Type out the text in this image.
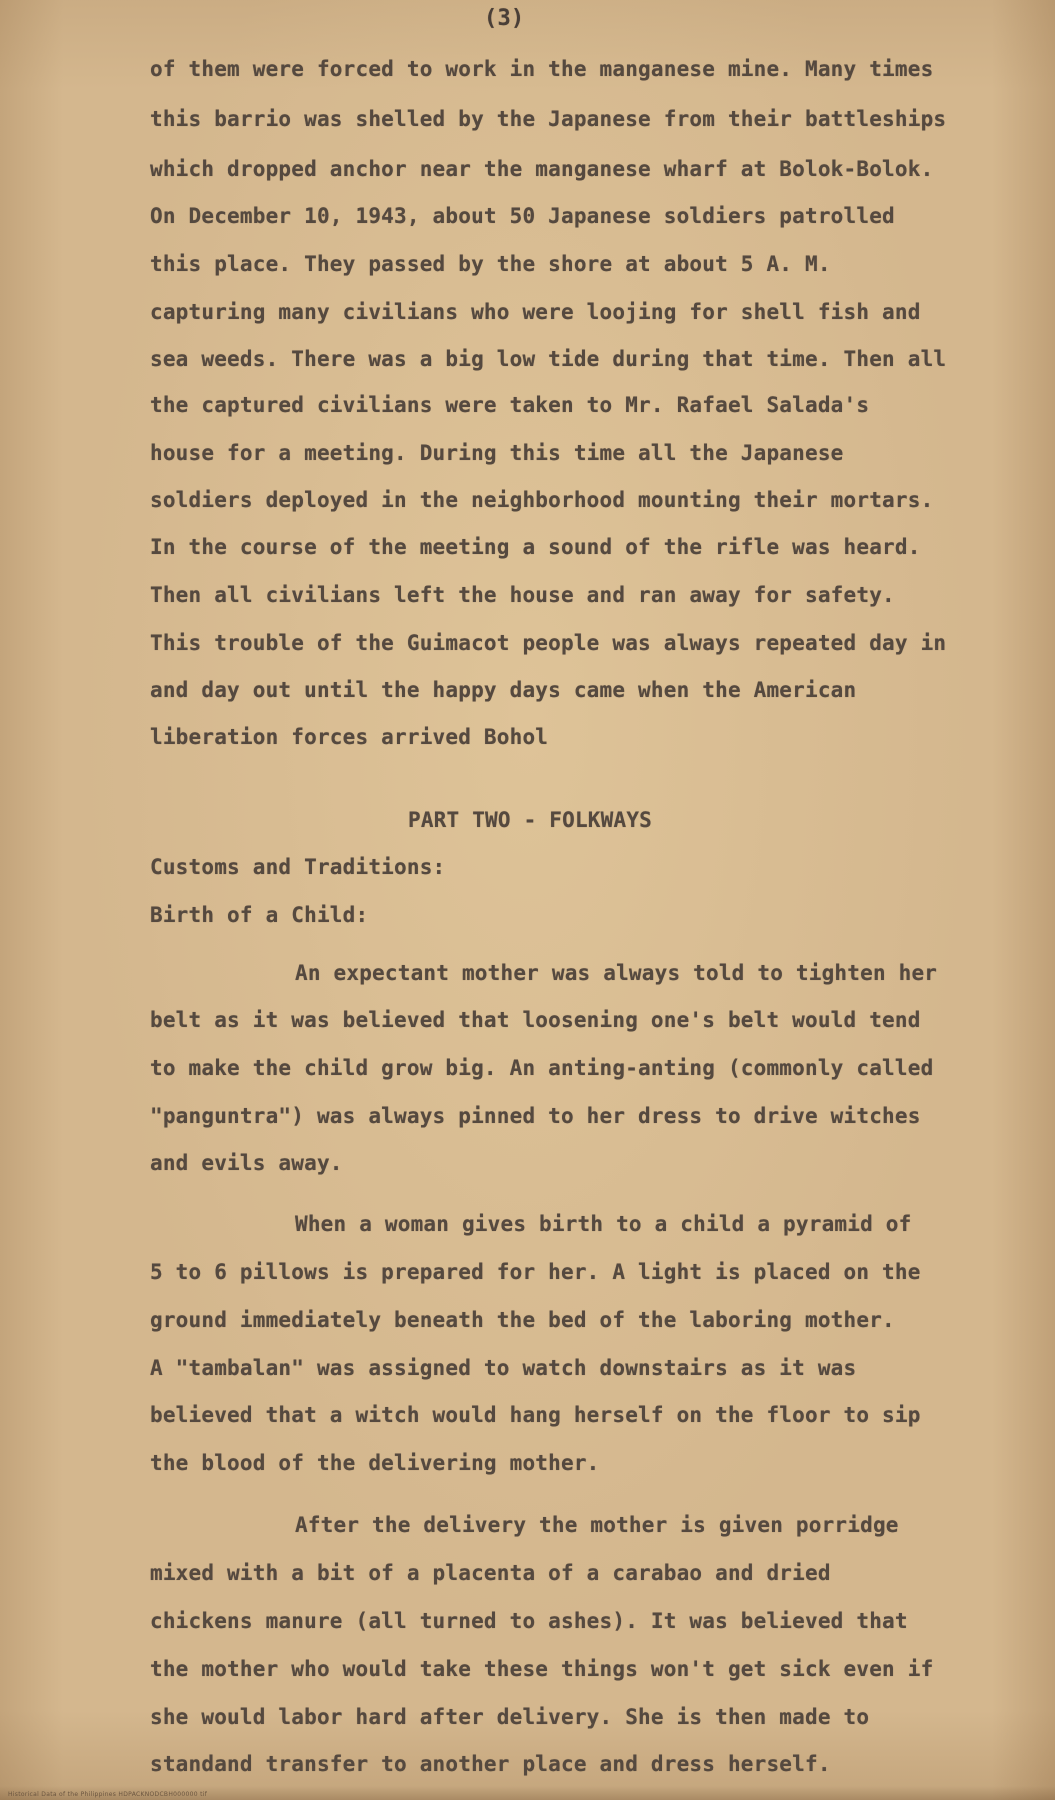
(3)
of them were forced to work in the manganese mine. Many times
this barrio was shelled by the Japanese from their battleships
which dropped anchor near the manganese wharf at Bolok-Bolok.
On December 10, 1943, about 50 Japanese soldiers patrolled
this place. They passed by the shore at about 5 A. M.
capturing many civilians who were loojing for shell fish and
sea weeds. There was a big low tide during that time. Then all
the captured civilians were taken to Mr. Rafael Salada's
house for a meeting. During this time all the Japanese
soldiers deployed in the neighborhood mounting their mortars.
In the course of the meeting a sound of the rifle was heard.
Then all civilians left the house and ran away for safety.
This trouble of the Guimacot people was always repeated day in
and day out until the happy days came when the American
liberation forces arrived Bohol
PART TWO - FOLKWAYS
Customs and Traditions:
Birth of a Child:
An expectant mother was always told to tighten her
belt as it was believed that loosening one's belt would tend
to make the child grow big. An anting-anting (commonly called
"panguntra") was always pinned to her dress to drive witches
and evils away.
When a woman gives birth to a child a pyramid of
5 to 6 pillows is prepared for her. A light is placed on the
ground immediately beneath the bed of the laboring mother.
A "tambalan" was assigned to watch downstairs as it was
believed that a witch would hang herself on the floor to sip
the blood of the delivering mother.
After the delivery the mother is given porridge
mixed with a bit of a placenta of a carabao and dried
chickens manure (all turned to ashes). It was believed that
the mother who would take these things won't get sick even if
she would labor hard after delivery. She is then made to
standand transfer to another place and dress herself.
Historical Data of the Philippines HDPACKNODCBH000000 tif
